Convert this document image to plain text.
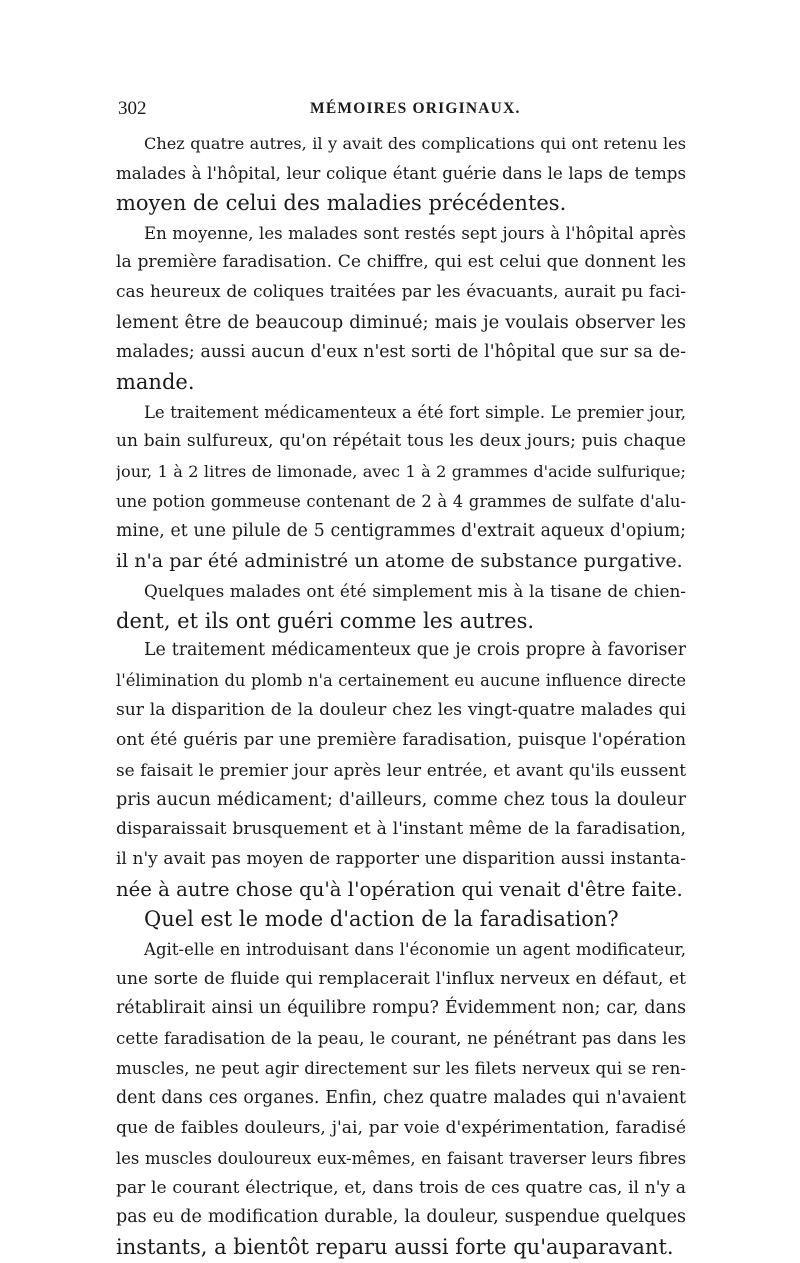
302	MÉMOIRES ORIGINAUX.
Chez quatre autres, il y avait des complications qui ont retenu les
malades à l'hôpital, leur colique étant guérie dans le laps de temps
moyen de celui des maladies précédentes.
En moyenne, les malades sont restés sept jours à l'hôpital après
la première faradisation. Ce chiffre, qui est celui que donnent les
cas heureux de coliques traitées par les évacuants, aurait pu faci-
lement être de beaucoup diminué; mais je voulais observer les
malades; aussi aucun d'eux n'est sorti de l'hôpital que sur sa de-
mande.
Le traitement médicamenteux a été fort simple. Le premier jour,
un bain sulfureux, qu'on répétait tous les deux jours; puis chaque
jour, 1 à 2 litres de limonade, avec 1 à 2 grammes d'acide sulfurique;
une potion gommeuse contenant de 2 à 4 grammes de sulfate d'alu-
mine, et une pilule de 5 centigrammes d'extrait aqueux d'opium;
il n'a par été administré un atome de substance purgative.
Quelques malades ont été simplement mis à la tisane de chien-
dent, et ils ont guéri comme les autres.
Le traitement médicamenteux que je crois propre à favoriser
l'élimination du plomb n'a certainement eu aucune influence directe
sur la disparition de la douleur chez les vingt-quatre malades qui
ont été guéris par une première faradisation, puisque l'opération
se faisait le premier jour après leur entrée, et avant qu'ils eussent
pris aucun médicament; d'ailleurs, comme chez tous la douleur
disparaissait brusquement et à l'instant même de la faradisation,
il n'y avait pas moyen de rapporter une disparition aussi instanta-
née à autre chose qu'à l'opération qui venait d'être faite.
Quel est le mode d'action de la faradisation?
Agit-elle en introduisant dans l'économie un agent modificateur,
une sorte de fluide qui remplacerait l'influx nerveux en défaut, et
rétablirait ainsi un équilibre rompu? Évidemment non; car, dans
cette faradisation de la peau, le courant, ne pénétrant pas dans les
muscles, ne peut agir directement sur les filets nerveux qui se ren-
dent dans ces organes. Enfin, chez quatre malades qui n'avaient
que de faibles douleurs, j'ai, par voie d'expérimentation, faradisé
les muscles douloureux eux-mêmes, en faisant traverser leurs fibres
par le courant électrique, et, dans trois de ces quatre cas, il n'y a
pas eu de modification durable, la douleur, suspendue quelques
instants, a bientôt reparu aussi forte qu'auparavant.
